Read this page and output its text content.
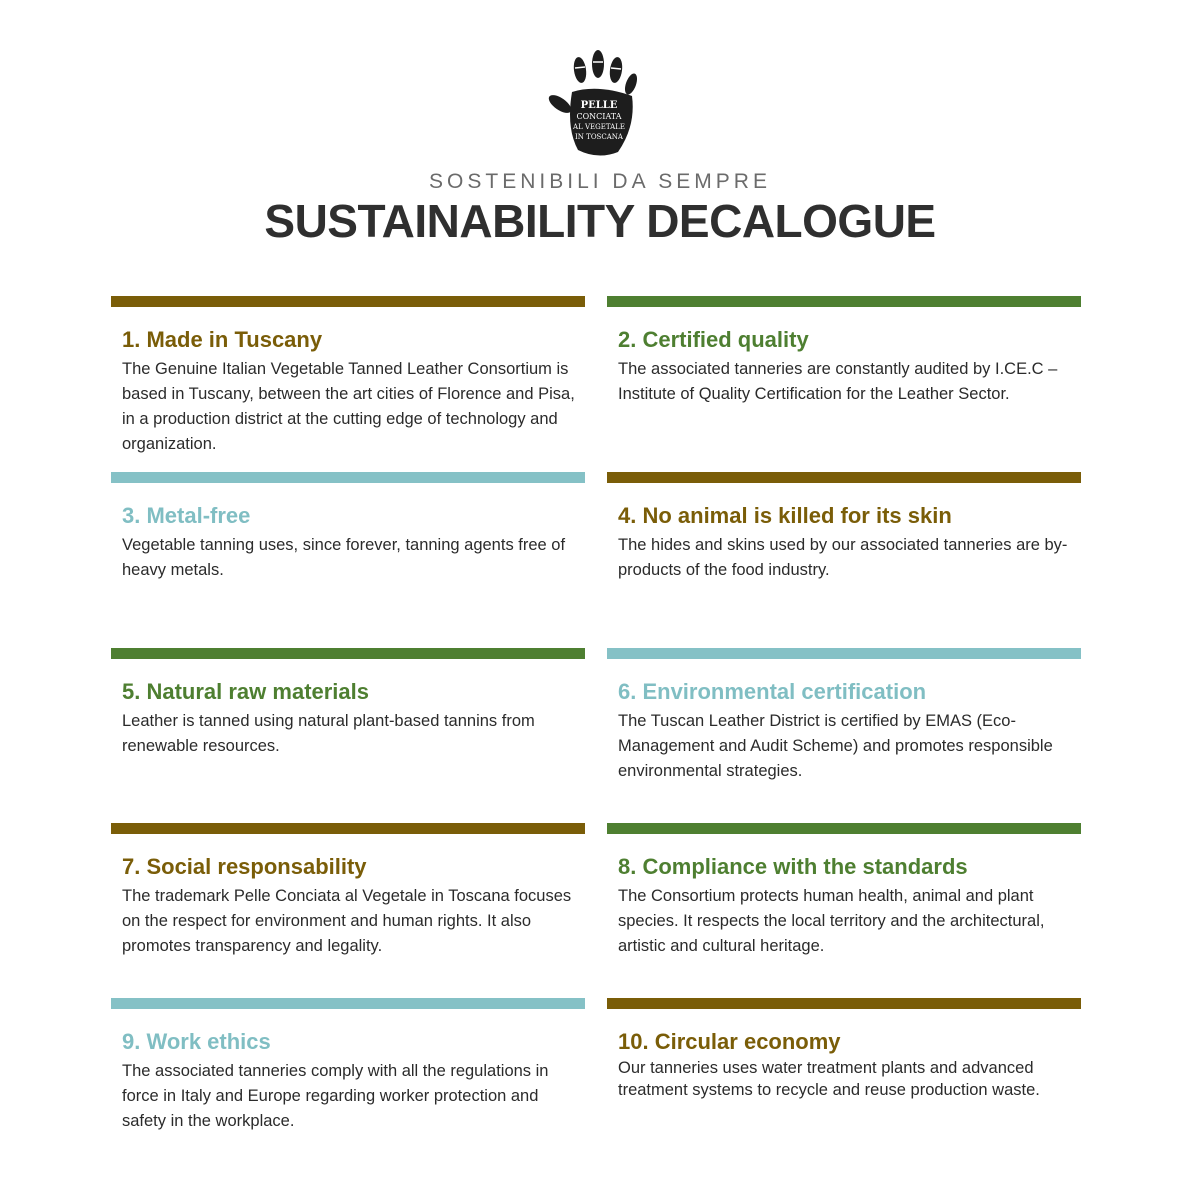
PELLE
CONCIATA
AL VEGETALE
IN TOSCANA
SOSTENIBILI DA SEMPRE
SUSTAINABILITY DECALOGUE
1. Made in Tuscany
The Genuine Italian Vegetable Tanned Leather Consortium is based in Tuscany, between the art cities of Florence and Pisa, in a production district at the cutting edge of technology and organization.
2. Certified quality
The associated tanneries are constantly audited by I.CE.C – Institute of Quality Certification for the Leather Sector.
3. Metal-free
Vegetable tanning uses, since forever, tanning agents free of heavy metals.
4. No animal is killed for its skin
The hides and skins used by our associated tanneries are by-products of the food industry.
5. Natural raw materials
Leather is tanned using natural plant-based tannins from renewable resources.
6. Environmental certification
The Tuscan Leather District is certified by EMAS (Eco-Management and Audit Scheme) and promotes responsible environmental strategies.
7. Social responsability
The trademark Pelle Conciata al Vegetale in Toscana focuses on the respect for environment and human rights. It also promotes transparency and legality.
8. Compliance with the standards
The Consortium protects human health, animal and plant species. It respects the local territory and the architectural, artistic and cultural heritage.
9. Work ethics
The associated tanneries comply with all the regulations in force in Italy and Europe regarding worker protection and safety in the workplace.
10. Circular economy
Our tanneries uses water treatment plants and advanced treatment systems to recycle and reuse production waste.
